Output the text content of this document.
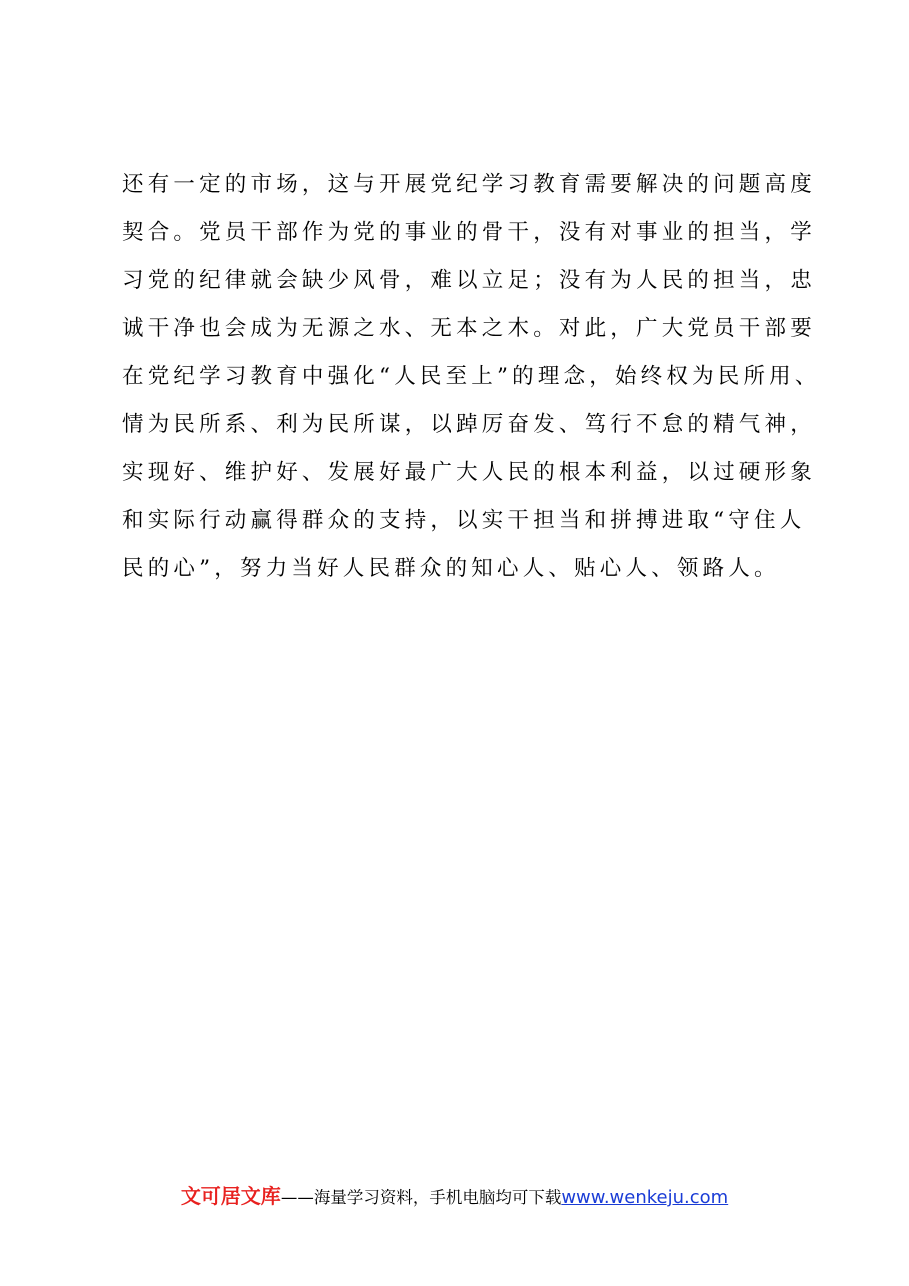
还有一定的市场，这与开展党纪学习教育需要解决的问题高度
契合。党员干部作为党的事业的骨干，没有对事业的担当，学
习党的纪律就会缺少风骨，难以立足；没有为人民的担当，忠
诚干净也会成为无源之水、无本之木。对此，广大党员干部要
在党纪学习教育中强化“人民至上”的理念，始终权为民所用、
情为民所系、利为民所谋，以踔厉奋发、笃行不怠的精气神，
实现好、维护好、发展好最广大人民的根本利益，以过硬形象
和实际行动赢得群众的支持，以实干担当和拼搏进取“守住人
民的心”，努力当好人民群众的知心人、贴心人、领路人。
文可居文库——海量学习资料，手机电脑均可下载www.wenkeju.com
